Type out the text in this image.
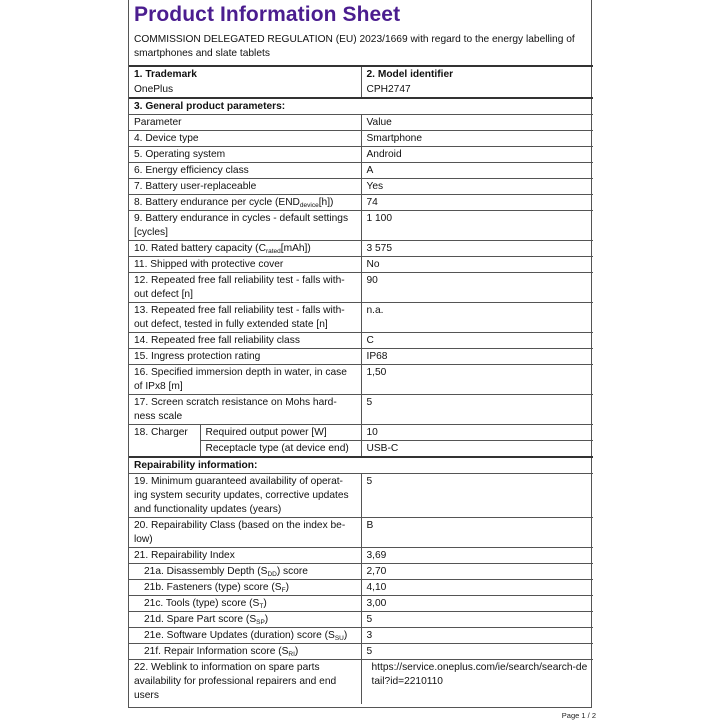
Product Information Sheet
COMMISSION DELEGATED REGULATION (EU) 2023/1669 with regard to the energy labelling of smartphones and slate tablets
1. Trademark		2. Model identifier
OnePlus		CPH2747
3. General product parameters:		
Parameter		Value
4. Device type		Smartphone
5. Operating system		Android
6. Energy efficiency class		A
7. Battery user-replaceable		Yes
8. Battery endurance per cycle $(END_{device}[h])$		74
9. Battery endurance in cycles - default settings [cycles]		1 100
10. Rated battery capacity $(C_{rated}[mAh])$		3 575
11. Shipped with protective cover		No
12. Repeated free fall reliability test - falls with-out defect [n]		90
13. Repeated free fall reliability test - falls with-out defect, tested in fully extended state [n]		n.a.
14. Repeated free fall reliability class		C
15. Ingress protection rating		IP68
16. Specified immersion depth in water, in case of IPx8 [m]		1,50
17. Screen scratch resistance on Mohs hard-ness scale		5
18. Charger	Required output power [W]	10
	Receptacle type (at device end)	USB-C
Repairability information:		
19. Minimum guaranteed availability of operat-ing system security updates, corrective updates and functionality updates (years)		5
20. Repairability Class (based on the index be-low)		B
21. Repairability Index		3,69
21a. Disassembly Depth $(S_{DD})$ score		2,70
21b. Fasteners (type) score $(S_F)$		4,10
21c. Tools (type) score $(S_T)$		3,00
21d. Spare Part score $(S_{SP})$		5
21e. Software Updates (duration) score $(S_{SU})$		3
21f. Repair Information score $(S_{RI})$		5
22. Weblink to information on spare parts availability for professional repairers and end users		https://service.oneplus.com/ie/search/search-detail?id=2210110
Page 1 / 2
